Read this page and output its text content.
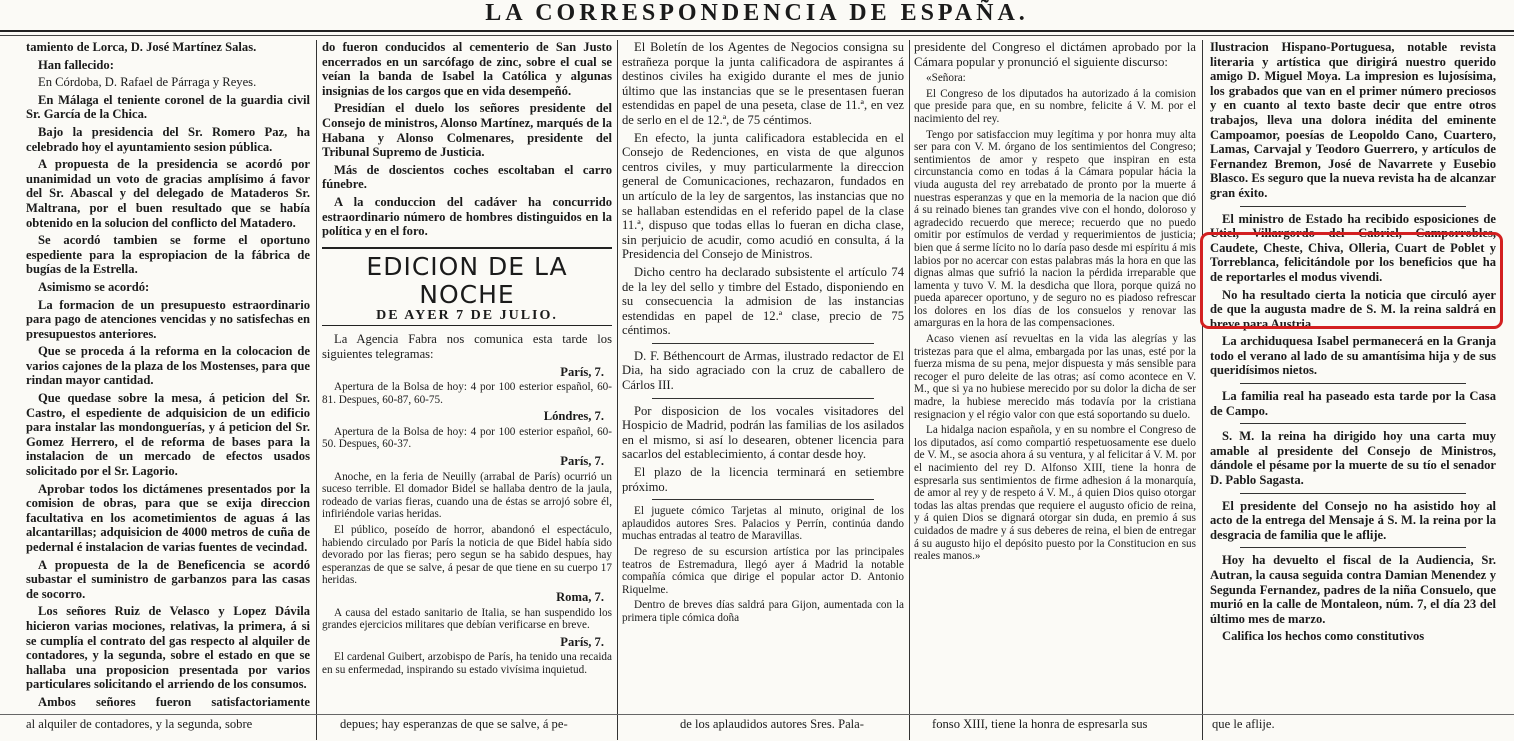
LA CORRESPONDENCIA DE ESPAÑA.

tamiento de Lorca, D. José Martínez Salas.

Han fallecido:

En Córdoba, D. Rafael de Párraga y Reyes.

En Málaga el teniente coronel de la guardia civil Sr. García de la Chica.

Bajo la presidencia del Sr. Romero Paz, ha celebrado hoy el ayuntamiento sesion pública.

A propuesta de la presidencia se acordó por unanimidad un voto de gracias amplísimo á favor del Sr. Abascal y del delegado de Mataderos Sr. Maltrana, por el buen resultado que se había obtenido en la solucion del conflicto del Matadero.

Se acordó tambien se forme el oportuno espediente para la espropiacion de la fábrica de bugías de la Estrella.

Asimismo se acordó:

La formacion de un presupuesto estraordinario para pago de atenciones vencidas y no satisfechas en presupuestos anteriores.

Que se proceda á la reforma en la colocacion de varios cajones de la plaza de los Mostenses, para que rindan mayor cantidad.

Que quedase sobre la mesa, á peticion del Sr. Castro, el espediente de adquisicion de un edificio para instalar las mondonguerías, y á peticion del Sr. Gomez Herrero, el de reforma de bases para la instalacion de un mercado de efectos usados solicitado por el Sr. Lagorio.

Aprobar todos los dictámenes presentados por la comision de obras, para que se exija direccion facultativa en los acometimientos de aguas á las alcantarillas; adquisicion de 4000 metros de cuña de pedernal é instalacion de varias fuentes de vecindad.

A propuesta de la de Beneficencia se acordó subastar el suministro de garbanzos para las casas de socorro.

Los señores Ruiz de Velasco y Lopez Dávila hicieron varias mociones, relativas, la primera, á si se cumplía el contrato del gas respecto al alquiler de contadores, y la segunda, sobre el estado en que se hallaba una proposicion presentada por varios particulares solicitando el arriendo de los consumos.

Ambos señores fueron satisfactoriamente

do fueron conducidos al cementerio de San Justo encerrados en un sarcófago de zinc, sobre el cual se veían la banda de Isabel la Católica y algunas insignias de los cargos que en vida desempeñó.

Presidían el duelo los señores presidente del Consejo de ministros, Alonso Martínez, marqués de la Habana y Alonso Colmenares, presidente del Tribunal Supremo de Justicia.

Más de doscientos coches escoltaban el carro fúnebre.

A la conduccion del cadáver ha concurrido estraordinario número de hombres distinguidos en la política y en el foro.

EDICION DE LA NOCHE
DE AYER 7 DE JULIO.

La Agencia Fabra nos comunica esta tarde los siguientes telegramas:

París, 7.

Apertura de la Bolsa de hoy: 4 por 100 esterior español, 60-81. Despues, 60-87, 60-75.

Lóndres, 7.

Apertura de la Bolsa de hoy: 4 por 100 esterior español, 60-50. Despues, 60-37.

París, 7.

Anoche, en la feria de Neuilly (arrabal de París) ocurrió un suceso terrible. El domador Bidel se hallaba dentro de la jaula, rodeado de varias fieras, cuando una de éstas se arrojó sobre él, infiriéndole varias heridas.

El público, poseído de horror, abandonó el espectáculo, habiendo circulado por París la noticia de que Bidel había sido devorado por las fieras; pero segun se ha sabido despues, hay esperanzas de que se salve, á pesar de que tiene en su cuerpo 17 heridas.

Roma, 7.

A causa del estado sanitario de Italia, se han suspendido los grandes ejercicios militares que debían verificarse en breve.

París, 7.

El cardenal Guibert, arzobispo de París, ha tenido una recaida en su enfermedad, inspirando su estado vivísima inquietud.

El Boletín de los Agentes de Negocios consigna su estrañeza porque la junta calificadora de aspirantes á destinos civiles ha exigido durante el mes de junio último que las instancias que se le presentasen fueran estendidas en papel de una peseta, clase de 11.ª, en vez de serlo en el de 12.ª, de 75 céntimos.

En efecto, la junta calificadora establecida en el Consejo de Redenciones, en vista de que algunos centros civiles, y muy particularmente la direccion general de Comunicaciones, rechazaron, fundados en un artículo de la ley de sargentos, las instancias que no se hallaban estendidas en el referido papel de la clase 11.ª, dispuso que todas ellas lo fueran en dicha clase, sin perjuicio de acudir, como acudió en consulta, á la Presidencia del Consejo de Ministros.

Dicho centro ha declarado subsistente el artículo 74 de la ley del sello y timbre del Estado, disponiendo en su consecuencia la admision de las instancias estendidas en papel de 12.ª clase, precio de 75 céntimos.

D. F. Béthencourt de Armas, ilustrado redactor de El Dia, ha sido agraciado con la cruz de caballero de Cárlos III.

Por disposicion de los vocales visitadores del Hospicio de Madrid, podrán las familias de los asilados en el mismo, si así lo desearen, obtener licencia para sacarlos del establecimiento, á contar desde hoy.

El plazo de la licencia terminará en setiembre próximo.

El juguete cómico Tarjetas al minuto, original de los aplaudidos autores Sres. Palacios y Perrín, continúa dando muchas entradas al teatro de Maravillas.

De regreso de su escursion artística por las principales teatros de Estremadura, llegó ayer á Madrid la notable compañía cómica que dirige el popular actor D. Antonio Riquelme.

Dentro de breves días saldrá para Gijon, aumentada con la primera tiple cómica doña

presidente del Congreso el dictámen aprobado por la Cámara popular y pronunció el siguiente discurso:

«Señora:

El Congreso de los diputados ha autorizado á la comision que preside para que, en su nombre, felicite á V. M. por el nacimiento del rey.

Tengo por satisfaccion muy legítima y por honra muy alta ser para con V. M. órgano de los sentimientos del Congreso; sentimientos de amor y respeto que inspiran en esta circunstancia como en todas á la Cámara popular hácia la viuda augusta del rey arrebatado de pronto por la muerte á nuestras esperanzas y que en la memoria de la nacion que dió á su reinado bienes tan grandes vive con el hondo, doloroso y agradecido recuerdo que merece; recuerdo que no puedo omitir por estímulos de verdad y requerimientos de justicia; bien que á serme lícito no lo daría paso desde mi espíritu á mis labios por no acercar con estas palabras más la hora en que las dignas almas que sufrió la nacion la pérdida irreparable que lamenta y tuvo V. M. la desdicha que llora, porque quizá no pueda aparecer oportuno, y de seguro no es piadoso refrescar los dolores en los días de los consuelos y renovar las amarguras en la hora de las compensaciones.

Acaso vienen así revueltas en la vida las alegrías y las tristezas para que el alma, embargada por las unas, esté por la fuerza misma de su pena, mejor dispuesta y más sensible para recoger el puro deleite de las otras; así como acontece en V. M., que si ya no hubiese merecido por su dolor la dicha de ser madre, la hubiese merecido más todavía por la cristiana resignacion y el régio valor con que está soportando su duelo.

La hidalga nacion española, y en su nombre el Congreso de los diputados, así como compartió respetuosamente ese duelo de V. M., se asocia ahora á su ventura, y al felicitar á V. M. por el nacimiento del rey D. Alfonso XIII, tiene la honra de espresarla sus sentimientos de firme adhesion á la monarquía, de amor al rey y de respeto á V. M., á quien Dios quiso otorgar todas las altas prendas que requiere el augusto oficio de reina, y á quien Dios se dignará otorgar sin duda, en premio á sus cuidados de madre y á sus deberes de reina, el bien de entregar á su augusto hijo el depósito puesto por la Constitucion en sus reales manos.»

Ilustracion Hispano-Portuguesa, notable revista literaria y artística que dirigirá nuestro querido amigo D. Miguel Moya. La impresion es lujosísima, los grabados que van en el primer número preciosos y en cuanto al texto baste decir que entre otros trabajos, lleva una dolora inédita del eminente Campoamor, poesías de Leopoldo Cano, Cuartero, Lamas, Carvajal y Teodoro Guerrero, y artículos de Fernandez Bremon, José de Navarrete y Eusebio Blasco. Es seguro que la nueva revista ha de alcanzar gran éxito.

El ministro de Estado ha recibido esposiciones de Utiel, Villargordo del Cabriel, Camporrobles, Caudete, Cheste, Chiva, Olleria, Cuart de Poblet y Torreblanca, felicitándole por los beneficios que ha de reportarles el modus vivendi.

No ha resultado cierta la noticia que circuló ayer de que la augusta madre de S. M. la reina saldrá en breve para Austria.

La archiduquesa Isabel permanecerá en la Granja todo el verano al lado de su amantísima hija y de sus queridísimos nietos.

La familia real ha paseado esta tarde por la Casa de Campo.

S. M. la reina ha dirigido hoy una carta muy amable al presidente del Consejo de Ministros, dándole el pésame por la muerte de su tío el senador D. Pablo Sagasta.

El presidente del Consejo no ha asistido hoy al acto de la entrega del Mensaje á S. M. la reina por la desgracia de familia que le aflije.

Hoy ha devuelto el fiscal de la Audiencia, Sr. Autran, la causa seguida contra Damian Menendez y Segunda Fernandez, padres de la niña Consuelo, que murió en la calle de Montaleon, núm. 7, el día 23 del último mes de marzo.

Califica los hechos como constitutivos

al alquiler de contadores, y la segunda, sobre	depues; hay esperanzas de que se salve, á pe-	de los aplaudidos autores Sres. Pala-	fonso XIII, tiene la honra de espresarla sus	que le aflije.
